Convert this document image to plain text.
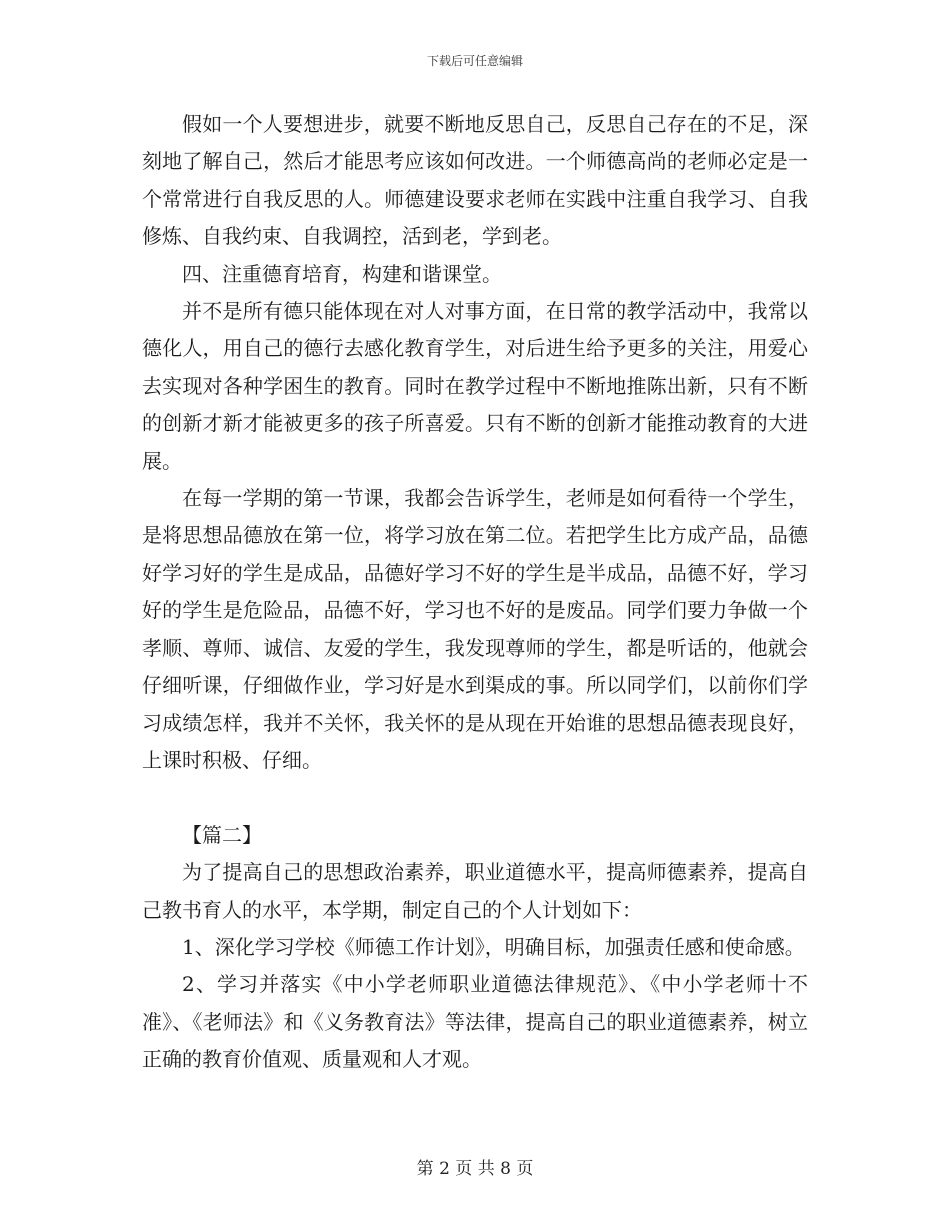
下载后可任意编辑

假如一个人要想进步，就要不断地反思自己，反思自己存在的不足，深刻地了解自己，然后才能思考应该如何改进。一个师德高尚的老师必定是一个常常进行自我反思的人。师德建设要求老师在实践中注重自我学习、自我修炼、自我约束、自我调控，活到老，学到老。

四、注重德育培育，构建和谐课堂。

并不是所有德只能体现在对人对事方面，在日常的教学活动中，我常以德化人，用自己的德行去感化教育学生，对后进生给予更多的关注，用爱心去实现对各种学困生的教育。同时在教学过程中不断地推陈出新，只有不断的创新才新才能被更多的孩子所喜爱。只有不断的创新才能推动教育的大进展。

在每一学期的第一节课，我都会告诉学生，老师是如何看待一个学生，是将思想品德放在第一位，将学习放在第二位。若把学生比方成产品，品德好学习好的学生是成品，品德好学习不好的学生是半成品，品德不好，学习好的学生是危险品，品德不好，学习也不好的是废品。同学们要力争做一个孝顺、尊师、诚信、友爱的学生，我发现尊师的学生，都是听话的，他就会仔细听课，仔细做作业，学习好是水到渠成的事。所以同学们，以前你们学习成绩怎样，我并不关怀，我关怀的是从现在开始谁的思想品德表现良好，上课时积极、仔细。

【篇二】

为了提高自己的思想政治素养，职业道德水平，提高师德素养，提高自己教书育人的水平，本学期，制定自己的个人计划如下：

1、深化学习学校《师德工作计划》，明确目标，加强责任感和使命感。

2、学习并落实《中小学老师职业道德法律规范》、《中小学老师十不准》、《老师法》和《义务教育法》等法律，提高自己的职业道德素养，树立正确的教育价值观、质量观和人才观。

第 2 页 共 8 页
